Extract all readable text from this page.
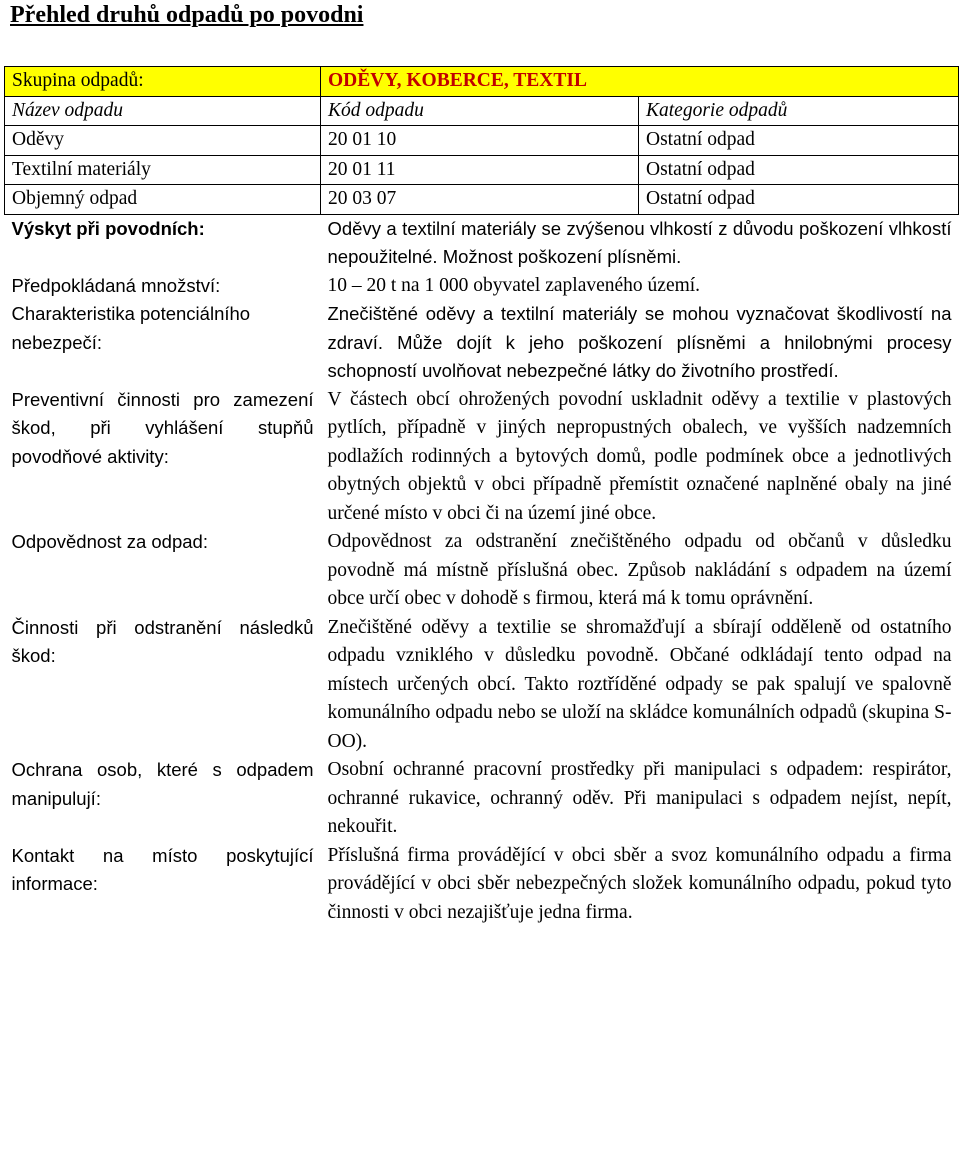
Přehled druhů odpadů po povodni
Skupina odpadů:	ODĚVY, KOBERCE, TEXTIL	
Název odpadu	Kód odpadu	Kategorie odpadů
Oděvy	20 01 10	Ostatní odpad
Textilní materiály	20 01 11	Ostatní odpad
Objemný odpad	20 03 07	Ostatní odpad
Výskyt při povodních:	Oděvy a textilní materiály se zvýšenou vlhkostí z důvodu poškození vlhkostí nepoužitelné. Možnost poškození plísněmi.	
Předpokládaná množství:	10 – 20 t na 1 000 obyvatel zaplaveného území.	
Charakteristika potenciálního nebezpečí:	Znečištěné oděvy a textilní materiály se mohou vyznačovat škodlivostí na zdraví. Může dojít k jeho poškození plísněmi a hnilobnými procesy schopností uvolňovat nebezpečné látky do životního prostředí.	
Preventivní činnosti pro zamezení škod, při vyhlášení stupňů povodňové aktivity:	V částech obcí ohrožených povodní uskladnit oděvy a textilie v plastových pytlích, případně v jiných nepropustných obalech, ve vyšších nadzemních podlažích rodinných a bytových domů, podle podmínek obce a jednotlivých obytných objektů v obci případně přemístit označené naplněné obaly na jiné určené místo v obci či na území jiné obce.	
Odpovědnost za odpad:	Odpovědnost za odstranění znečištěného odpadu od občanů v důsledku povodně má místně příslušná obec. Způsob nakládání s odpadem na území obce určí obec v dohodě s firmou, která má k tomu oprávnění.	
Činnosti při odstranění následků škod:	Znečištěné oděvy a textilie se shromažďují a sbírají odděleně od ostatního odpadu vzniklého v důsledku povodně. Občané odkládají tento odpad na místech určených obcí. Takto roztříděné odpady se pak spalují ve spalovně komunálního odpadu nebo se uloží na skládce komunálních odpadů (skupina S-OO).	
Ochrana osob, které s odpadem manipulují:	Osobní ochranné pracovní prostředky při manipulaci s odpadem: respirátor, ochranné rukavice, ochranný oděv. Při manipulaci s odpadem nejíst, nepít, nekouřit.	
Kontakt na místo poskytující informace:	Příslušná firma provádějící v obci sběr a svoz komunálního odpadu a firma provádějící v obci sběr nebezpečných složek komunálního odpadu, pokud tyto činnosti v obci nezajišťuje jedna firma.	
